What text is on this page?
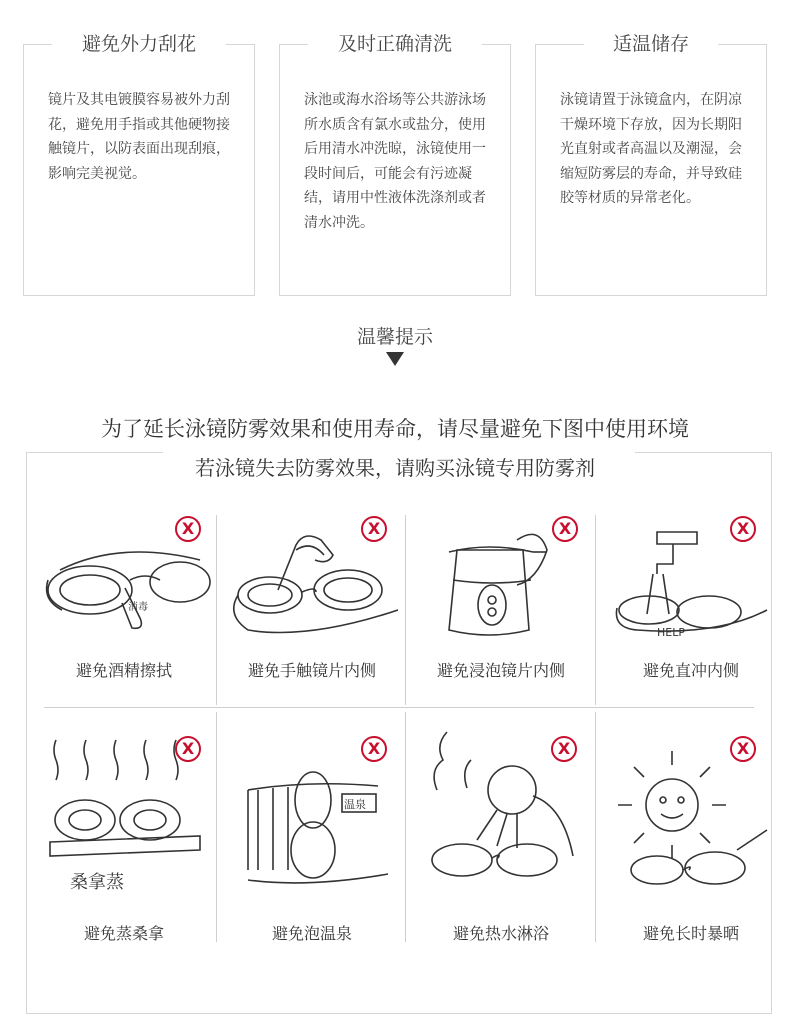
避免外力刮花
镜片及其电镀膜容易被外力刮花，避免用手指或其他硬物接触镜片，以防表面出现刮痕，影响完美视觉。
及时正确清洗
泳池或海水浴场等公共游泳场所水质含有氯水或盐分，使用后用清水冲洗晾，泳镜使用一段时间后，可能会有污迹凝结，请用中性液体洗涤剂或者清水冲洗。
适温储存
泳镜请置于泳镜盒内，在阴凉干燥环境下存放，因为长期阳光直射或者高温以及潮湿，会缩短防雾层的寿命，并导致硅胶等材质的异常老化。
温馨提示
为了延长泳镜防雾效果和使用寿命，请尽量避免下图中使用环境
若泳镜失去防雾效果，请购买泳镜专用防雾剂
消毒
X
避免酒精擦拭
X
避免手触镜片内侧
X
避免浸泡镜片内侧
HELP
X
避免直冲内侧
桑拿蒸
X
避免蒸桑拿
温泉
X
避免泡温泉
X
避免热水淋浴
X
避免长时暴晒
